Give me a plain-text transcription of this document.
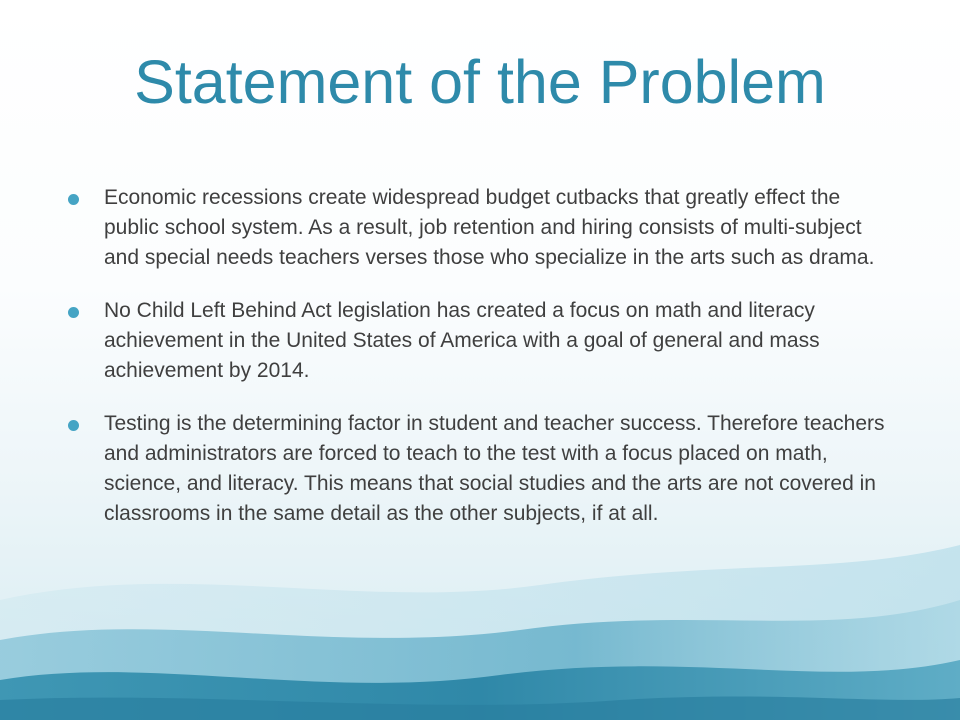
Statement of the Problem
Economic recessions create widespread budget cutbacks that greatly effect the public school system. As a result, job retention and hiring consists of multi-subject and special needs teachers verses those who specialize in the arts such as drama.
No Child Left Behind Act legislation has created a focus on math and literacy achievement in the United States of America with a goal of general and mass achievement by 2014.
Testing is the determining factor in student and teacher success. Therefore teachers and administrators are forced to teach to the test with a focus placed on math, science, and literacy. This means that social studies and the arts are not covered in classrooms in the same detail as the other subjects, if at all.
